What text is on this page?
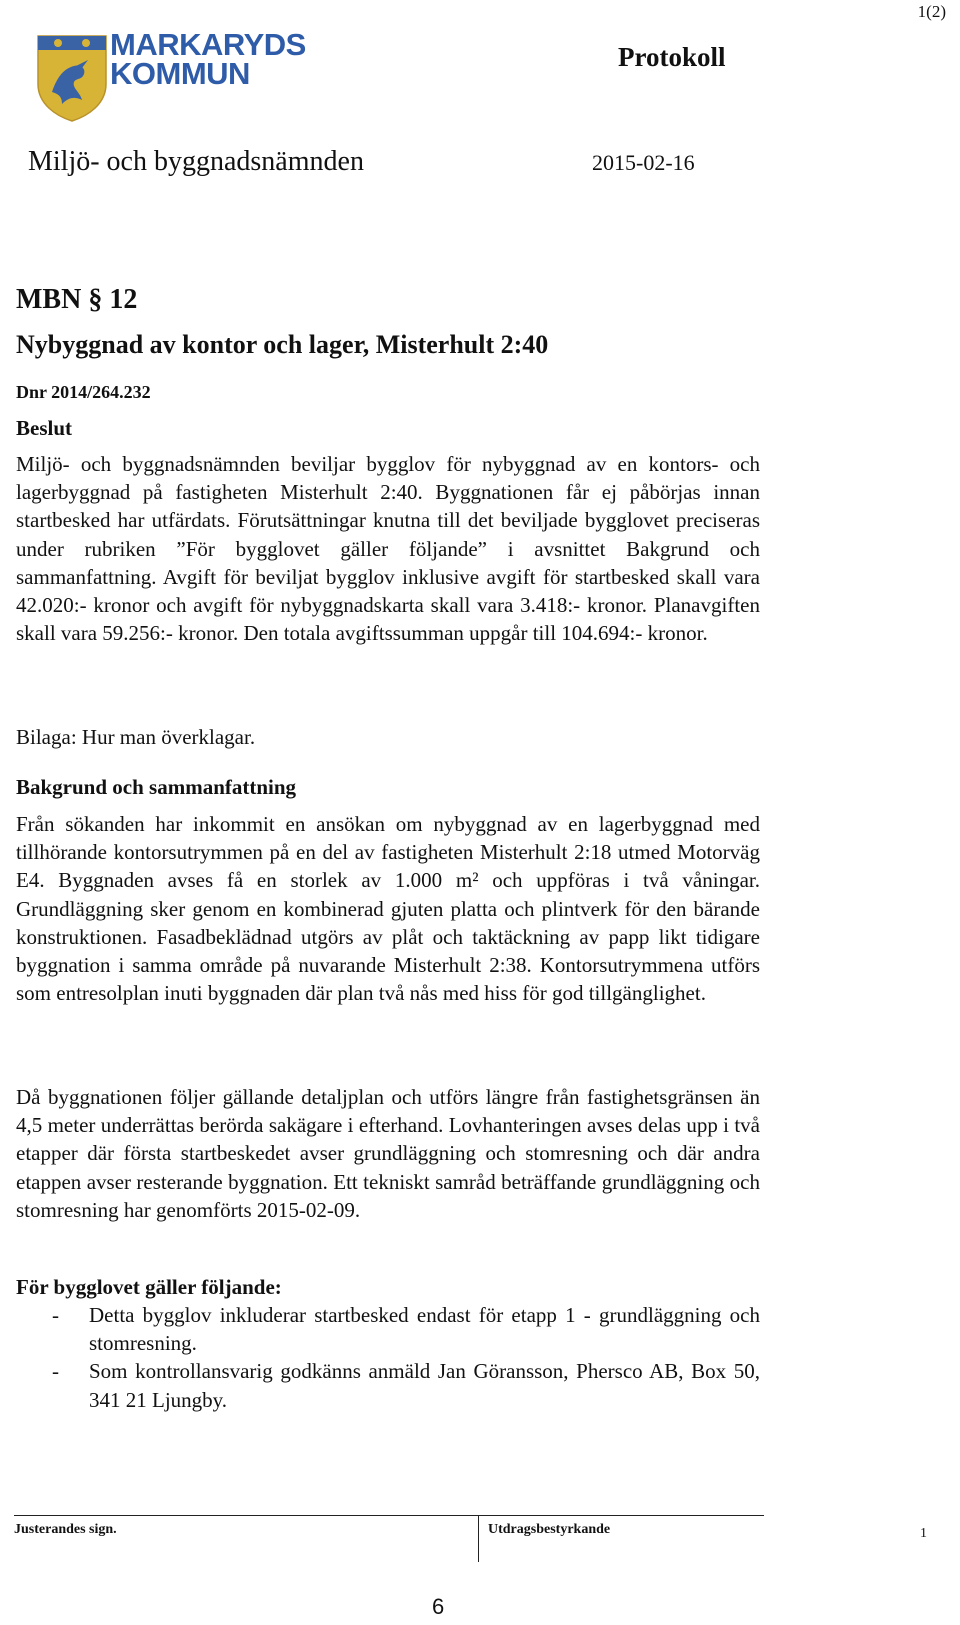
1(2)
MARKARYDS
KOMMUN	Protokoll
Miljö- och byggnadsnämnden	2015-02-16
MBN § 12
Nybyggnad av kontor och lager, Misterhult 2:40
Dnr 2014/264.232
Beslut

Miljö- och byggnadsnämnden beviljar bygglov för nybyggnad av en kontors- och lagerbyggnad på fastigheten Misterhult 2:40. Byggnationen får ej påbörjas innan startbesked har utfärdats. Förutsättningar knutna till det beviljade bygglovet preciseras under rubriken ”För bygglovet gäller följande” i avsnittet Bakgrund och sammanfattning. Avgift för beviljat bygglov inklusive avgift för startbesked skall vara 42.020:- kronor och avgift för nybyggnadskarta skall vara 3.418:- kronor. Planavgiften skall vara 59.256:- kronor. Den totala avgiftssumman uppgår till 104.694:- kronor.

Bilaga: Hur man överklagar.

Bakgrund och sammanfattning

Från sökanden har inkommit en ansökan om nybyggnad av en lagerbyggnad med tillhörande kontorsutrymmen på en del av fastigheten Misterhult 2:18 utmed Motorväg E4. Byggnaden avses få en storlek av 1.000 m² och uppföras i två våningar. Grundläggning sker genom en kombinerad gjuten platta och plintverk för den bärande konstruktionen. Fasadbeklädnad utgörs av plåt och taktäckning av papp likt tidigare byggnation i samma område på nuvarande Misterhult 2:38. Kontorsutrymmena utförs som entresolplan inuti byggnaden där plan två nås med hiss för god tillgänglighet.

Då byggnationen följer gällande detaljplan och utförs längre från fastighetsgränsen än 4,5 meter underrättas berörda sakägare i efterhand. Lovhanteringen avses delas upp i två etapper där första startbeskedet avser grundläggning och stomresning och där andra etappen avser resterande byggnation. Ett tekniskt samråd beträffande grundläggning och stomresning har genomförts 2015-02-09.

För bygglovet gäller följande:
- Detta bygglov inkluderar startbesked endast för etapp 1 - grundläggning och stomresning.
- Som kontrollansvarig godkänns anmäld Jan Göransson, Phersco AB, Box 50, 341 21 Ljungby.
Justerandes sign.	Utdragsbestyrkande	1
6
